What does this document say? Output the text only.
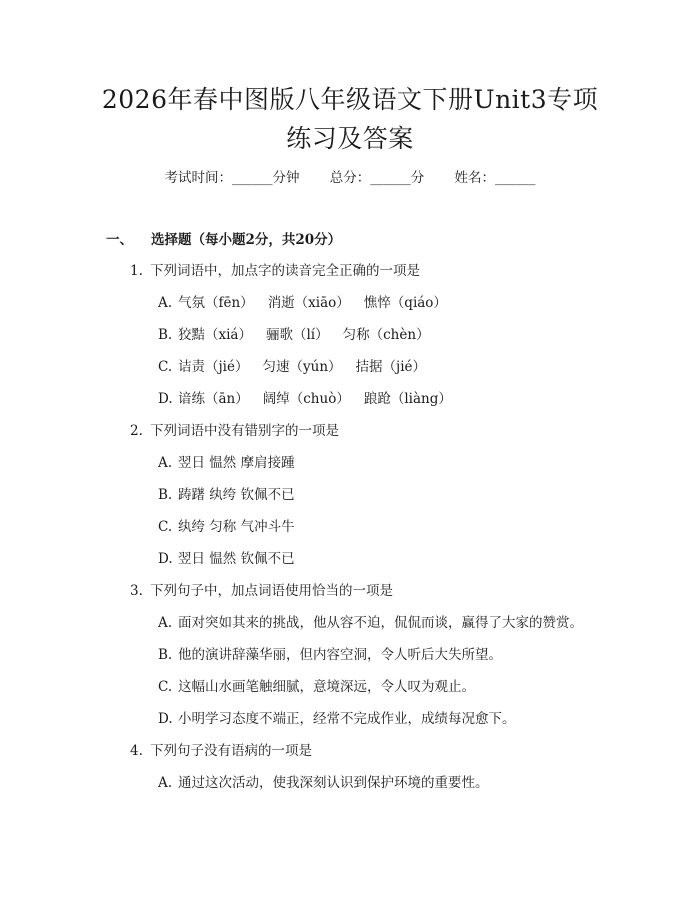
2026年春中图版八年级语文下册Unit3专项
练习及答案
考试时间：______分钟 总分：______分 姓名：______
一、 选择题（每小题2分，共20分）
1. 下列词语中，加点字的读音完全正确的一项是
A. 气氛（fēn） 消逝（xiāo） 憔悴（qiáo）
B. 狡黠（xiá） 骊歌（lí） 匀称（chèn）
C. 诘责（jié） 匀速（yún） 拮据（jié）
D. 谙练（ān） 阔绰（chuò） 踉跄（liàng）
2. 下列词语中没有错别字的一项是
A. 翌日 愠然 摩肩接踵
B. 踌躇 纨绔 钦佩不已
C. 纨绔 匀称 气冲斗牛
D. 翌日 愠然 钦佩不已
3. 下列句子中，加点词语使用恰当的一项是
A. 面对突如其来的挑战，他从容不迫，侃侃而谈，赢得了大家的赞赏。
B. 他的演讲辞藻华丽，但内容空洞，令人听后大失所望。
C. 这幅山水画笔触细腻，意境深远，令人叹为观止。
D. 小明学习态度不端正，经常不完成作业，成绩每况愈下。
4. 下列句子没有语病的一项是
A. 通过这次活动，使我深刻认识到保护环境的重要性。
